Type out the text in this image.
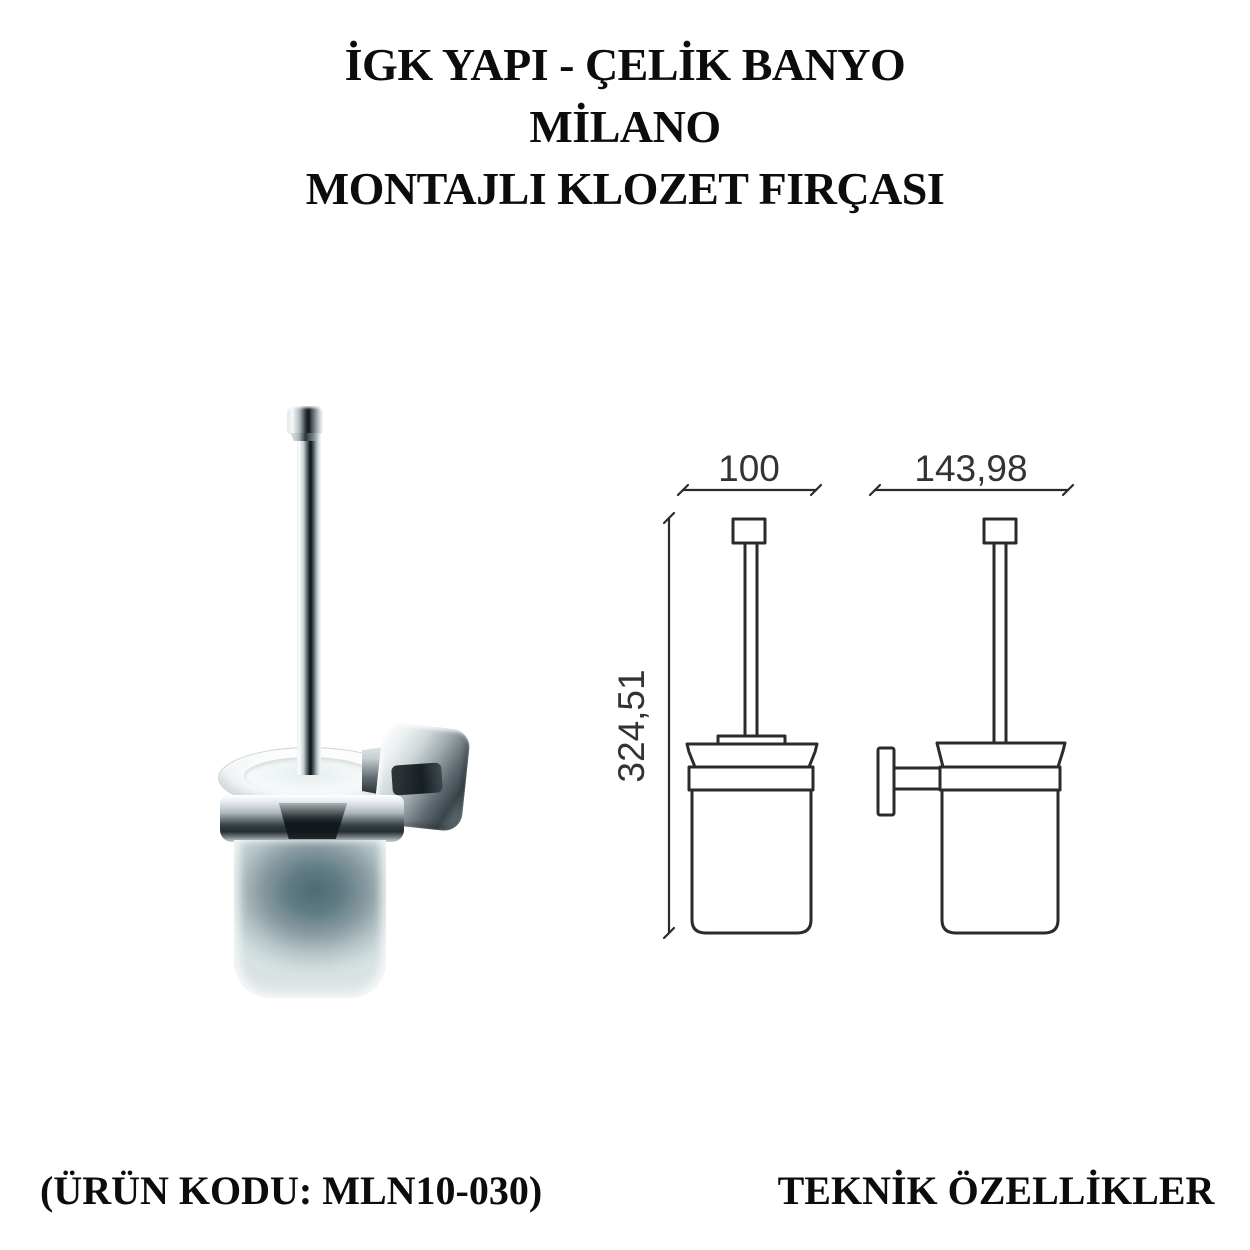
İGK YAPI - ÇELİK BANYO
MİLANO
MONTAJLI KLOZET FIRÇASI
100	143,98
324,51
(ÜRÜN KODU: MLN10-030)	TEKNİK ÖZELLİKLER
